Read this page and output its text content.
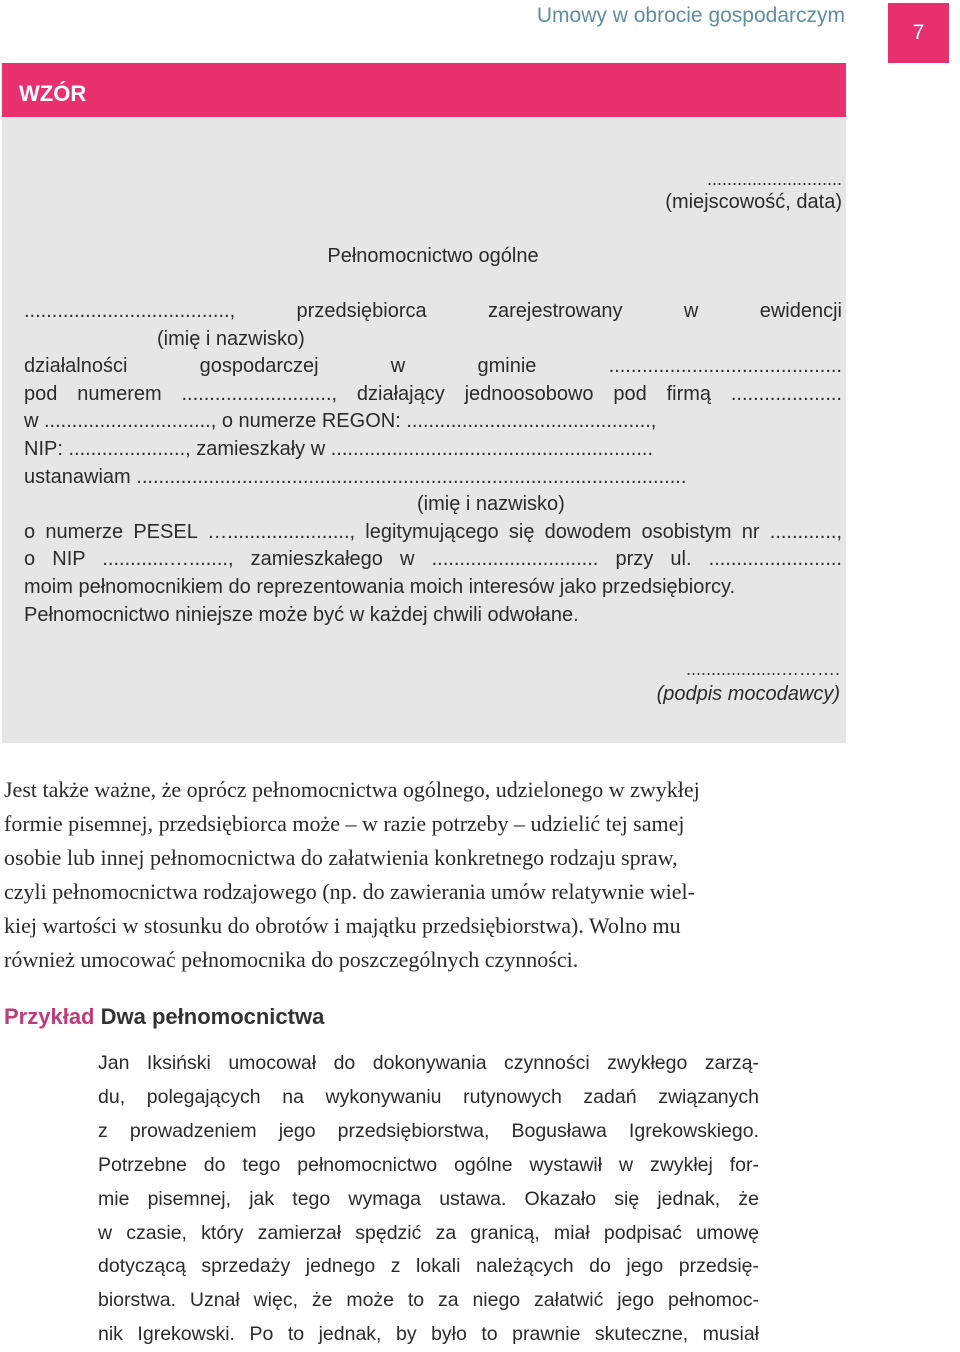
Umowy w obrocie gospodarczym
7
WZÓR
...........................
(miejscowość, data)
Pełnomocnictwo ogólne
....................................., przedsiębiorca zarejestrowany w ewidencji
(imię i nazwisko)
działalności gospodarczej w gminie ..........................................
pod numerem ..........................., działający jednoosobowo pod firmą ....................
w .............................., o numerze REGON: ............................................,
NIP: ....................., zamieszkały w ..........................................................
ustanawiam ...................................................................................................
(imię i nazwisko)
o numerze PESEL …......................, legitymującego się dowodem osobistym nr ............,
o NIP ............…......., zamieszkałego w .............................. przy ul. ........................
moim pełnomocnikiem do reprezentowania moich interesów jako przedsiębiorcy.
Pełnomocnictwo niniejsze może być w każdej chwili odwołane.
...................……….
(podpis mocodawcy)
Jest także ważne, że oprócz pełnomocnictwa ogólnego, udzielonego w zwykłej
formie pisemnej, przedsiębiorca może – w razie potrzeby – udzielić tej samej
osobie lub innej pełnomocnictwa do załatwienia konkretnego rodzaju spraw,
czyli pełnomocnictwa rodzajowego (np. do zawierania umów relatywnie wiel-
kiej wartości w stosunku do obrotów i majątku przedsiębiorstwa). Wolno mu
również umocować pełnomocnika do poszczególnych czynności.
Przykład Dwa pełnomocnictwa
Jan Iksiński umocował do dokonywania czynności zwykłego zarzą-
du, polegających na wykonywaniu rutynowych zadań związanych
z prowadzeniem jego przedsiębiorstwa, Bogusława Igrekowskiego.
Potrzebne do tego pełnomocnictwo ogólne wystawił w zwykłej for-
mie pisemnej, jak tego wymaga ustawa. Okazało się jednak, że
w czasie, który zamierzał spędzić za granicą, miał podpisać umowę
dotyczącą sprzedaży jednego z lokali należących do jego przedsię-
biorstwa. Uznał więc, że może to za niego załatwić jego pełnomoc-
nik Igrekowski. Po to jednak, by było to prawnie skuteczne, musiał
